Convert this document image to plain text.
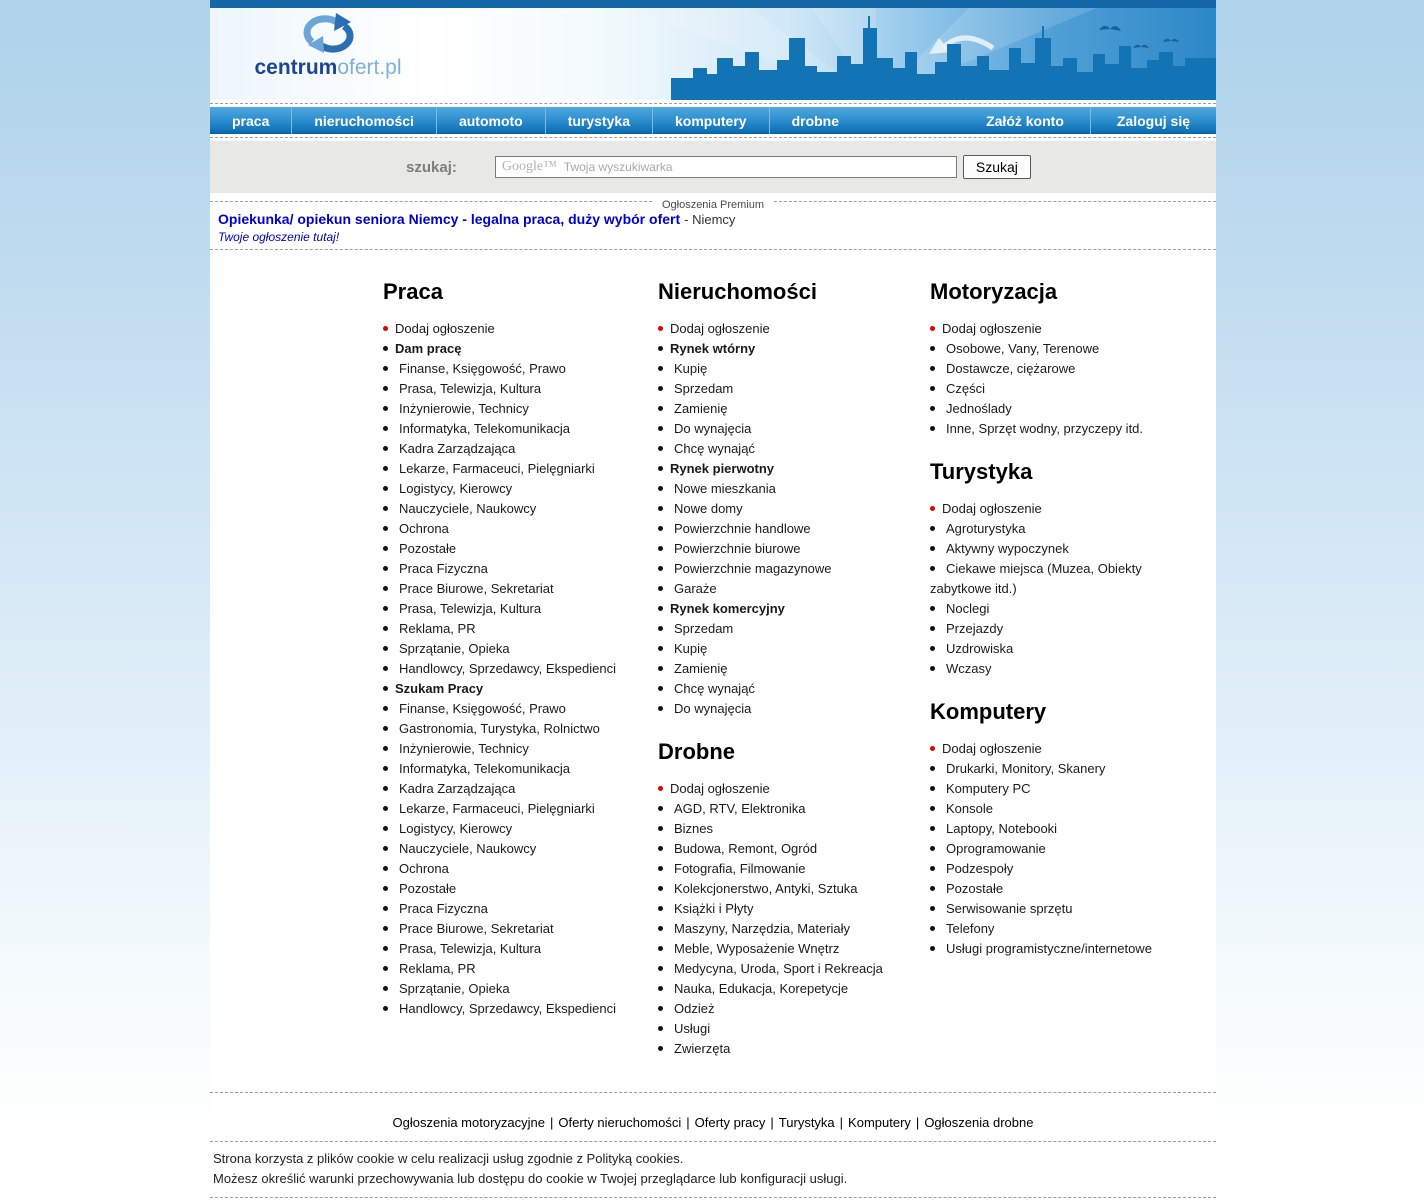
centrumofert.pl
praca	nieruchomości	automoto	turystyka	komputery	drobne	Załóż konto	Zaloguj się
szukaj:	Google™ Twoja wyszukiwarka	Szukaj
Ogłoszenia Premium
Opiekunka/ opiekun seniora Niemcy - legalna praca, duży wybór ofert - Niemcy
Twoje ogłoszenie tutaj!
Praca
Dodaj ogłoszenie
Dam pracę
Finanse, Księgowość, Prawo
Prasa, Telewizja, Kultura
Inżynierowie, Technicy
Informatyka, Telekomunikacja
Kadra Zarządzająca
Lekarze, Farmaceuci, Pielęgniarki
Logistycy, Kierowcy
Nauczyciele, Naukowcy
Ochrona
Pozostałe
Praca Fizyczna
Prace Biurowe, Sekretariat
Prasa, Telewizja, Kultura
Reklama, PR
Sprzątanie, Opieka
Handlowcy, Sprzedawcy, Ekspedienci
Szukam Pracy
Finanse, Księgowość, Prawo
Gastronomia, Turystyka, Rolnictwo
Inżynierowie, Technicy
Informatyka, Telekomunikacja
Kadra Zarządzająca
Lekarze, Farmaceuci, Pielęgniarki
Logistycy, Kierowcy
Nauczyciele, Naukowcy
Ochrona
Pozostałe
Praca Fizyczna
Prace Biurowe, Sekretariat
Prasa, Telewizja, Kultura
Reklama, PR
Sprzątanie, Opieka
Handlowcy, Sprzedawcy, Ekspedienci
Nieruchomości
Dodaj ogłoszenie
Rynek wtórny
Kupię
Sprzedam
Zamienię
Do wynajęcia
Chcę wynająć
Rynek pierwotny
Nowe mieszkania
Nowe domy
Powierzchnie handlowe
Powierzchnie biurowe
Powierzchnie magazynowe
Garaże
Rynek komercyjny
Sprzedam
Kupię
Zamienię
Chcę wynająć
Do wynajęcia
Drobne
Dodaj ogłoszenie
AGD, RTV, Elektronika
Biznes
Budowa, Remont, Ogród
Fotografia, Filmowanie
Kolekcjonerstwo, Antyki, Sztuka
Książki i Płyty
Maszyny, Narzędzia, Materiały
Meble, Wyposażenie Wnętrz
Medycyna, Uroda, Sport i Rekreacja
Nauka, Edukacja, Korepetycje
Odzież
Usługi
Zwierzęta
Motoryzacja
Dodaj ogłoszenie
Osobowe, Vany, Terenowe
Dostawcze, ciężarowe
Części
Jednoślady
Inne, Sprzęt wodny, przyczepy itd.
Turystyka
Dodaj ogłoszenie
Agroturystyka
Aktywny wypoczynek
Ciekawe miejsca (Muzea, Obiekty zabytkowe itd.)
Noclegi
Przejazdy
Uzdrowiska
Wczasy
Komputery
Dodaj ogłoszenie
Drukarki, Monitory, Skanery
Komputery PC
Konsole
Laptopy, Notebooki
Oprogramowanie
Podzespoły
Pozostałe
Serwisowanie sprzętu
Telefony
Usługi programistyczne/internetowe
Ogłoszenia motoryzacyjne | Oferty nieruchomości | Oferty pracy | Turystyka | Komputery | Ogłoszenia drobne
Strona korzysta z plików cookie w celu realizacji usług zgodnie z Polityką cookies.
Możesz określić warunki przechowywania lub dostępu do cookie w Twojej przeglądarce lub konfiguracji usługi.
